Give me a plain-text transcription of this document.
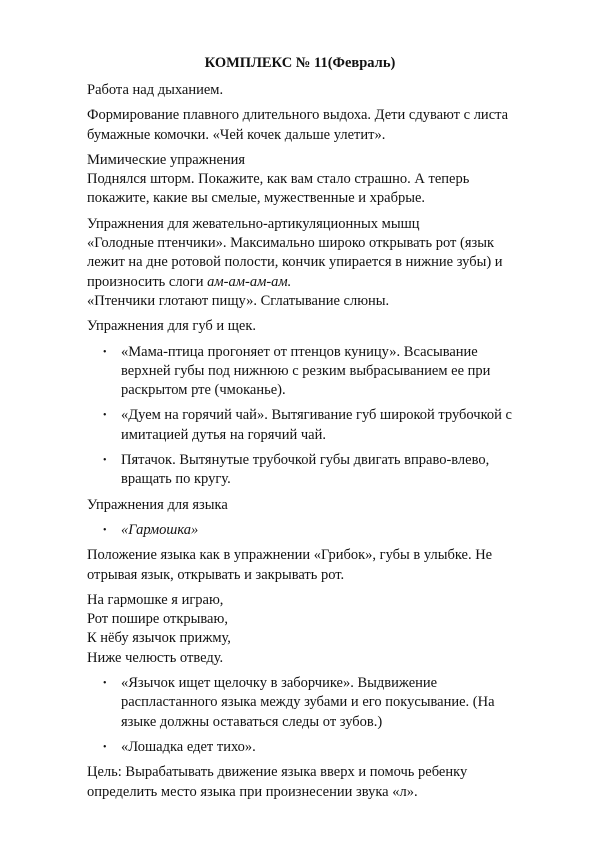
КОМПЛЕКС № 11(Февраль)
Работа над дыханием.
Формирование плавного длительного выдоха. Дети сдувают с листа бумажные комочки. «Чей кочек дальше улетит».
Мимические упражнения
Поднялся шторм. Покажите, как вам стало страшно. А теперь покажите, какие вы смелые, мужественные и храбрые.
Упражнения для жевательно-артикуляционных мышц
«Голодные птенчики». Максимально широко открывать рот (язык лежит на дне ротовой полости, кончик упирается в нижние зубы) и произносить слоги ам-ам-ам-ам.
«Птенчики глотают пищу». Сглатывание слюны.
Упражнения для губ и щек.
• «Мама-птица прогоняет от птенцов куницу». Всасывание верхней губы под нижнюю с резким выбрасыванием ее при раскрытом рте (чмоканье).
• «Дуем на горячий чай». Вытягивание губ широкой трубочкой с имитацией дутья на горячий чай.
• Пятачок. Вытянутые трубочкой губы двигать вправо-влево, вращать по кругу.
Упражнения для языка
• «Гармошка»
Положение языка как в упражнении «Грибок», губы в улыбке. Не отрывая язык, открывать и закрывать рот.
На гармошке я играю,
Рот пошире открываю,
К нёбу язычок прижму,
Ниже челюсть отведу.
• «Язычок ищет щелочку в заборчике». Выдвижение распластанного языка между зубами и его покусывание. (На языке должны оставаться следы от зубов.)
• «Лошадка едет тихо».
Цель: Вырабатывать движение языка вверх и помочь ребенку определить место языка при произнесении звука «л».
